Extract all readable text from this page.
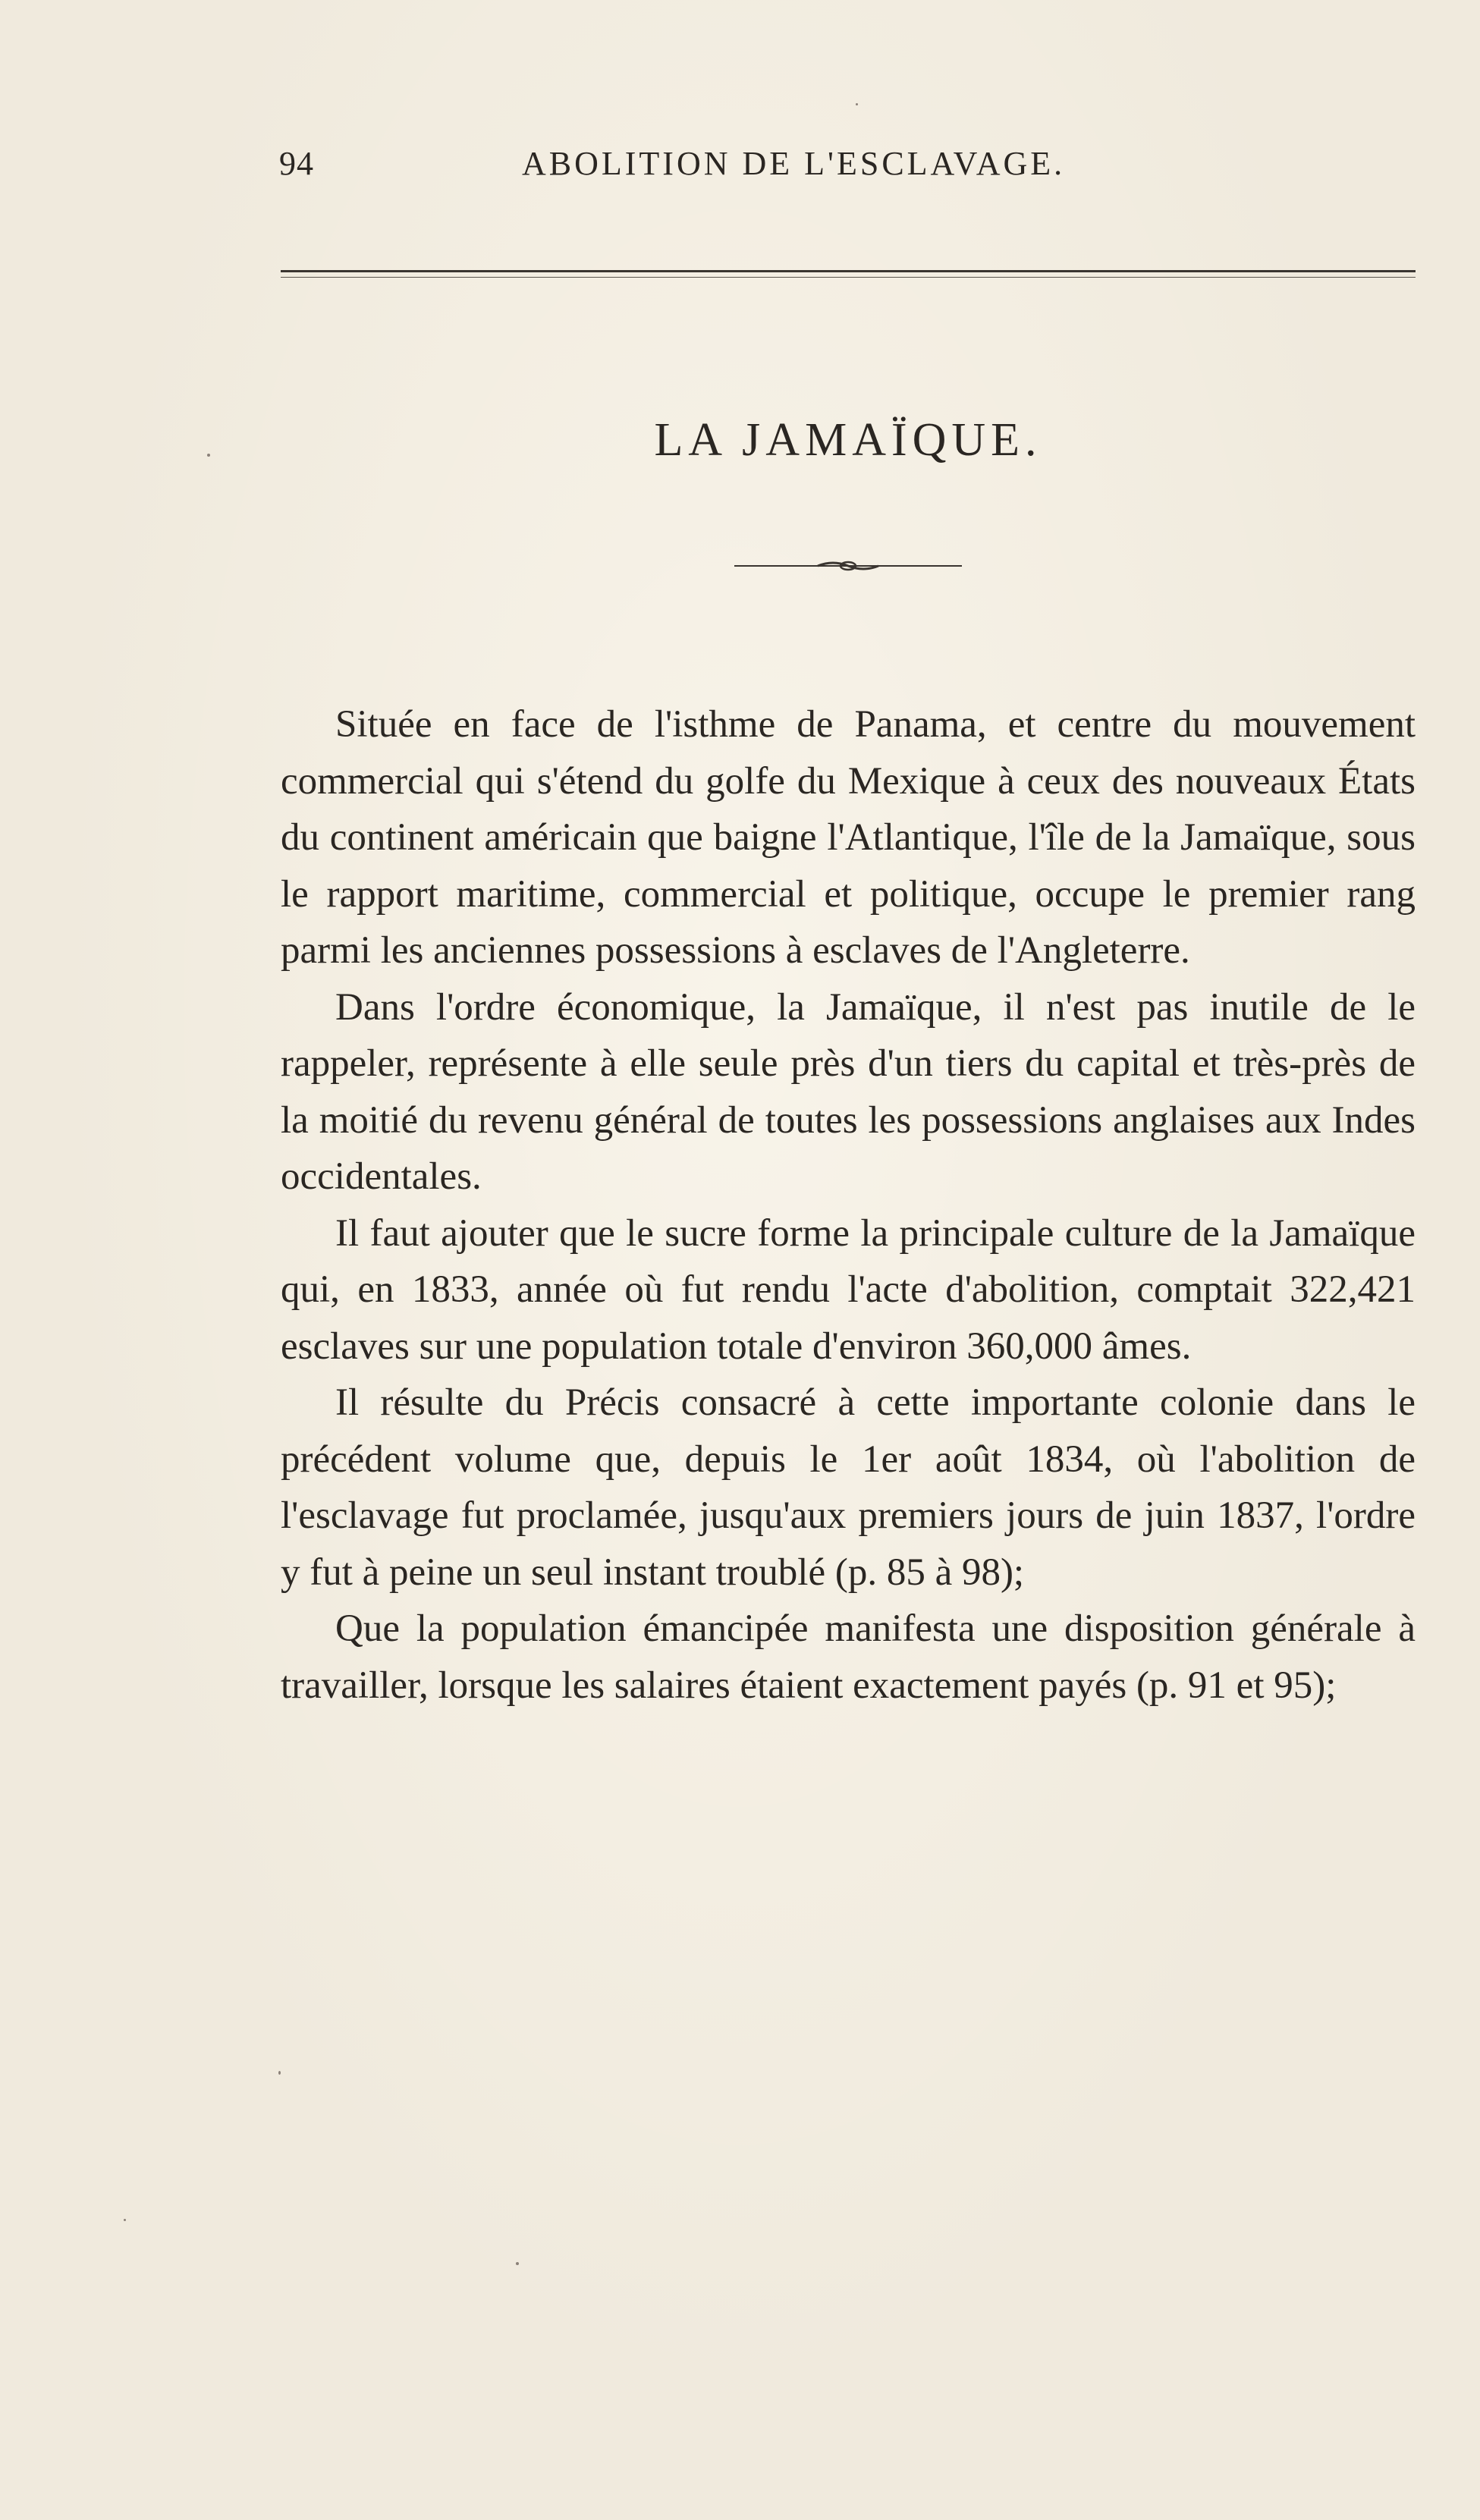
94	ABOLITION DE L'ESCLAVAGE.
LA JAMAÏQUE.

Située en face de l'isthme de Panama, et centre du mouvement commercial qui s'étend du golfe du Mexique à ceux des nouveaux États du continent américain que baigne l'Atlantique, l'île de la Jamaïque, sous le rapport maritime, commercial et politique, occupe le premier rang parmi les anciennes possessions à esclaves de l'Angleterre.

Dans l'ordre économique, la Jamaïque, il n'est pas inutile de le rappeler, représente à elle seule près d'un tiers du capital et très-près de la moitié du revenu général de toutes les possessions anglaises aux Indes occidentales.

Il faut ajouter que le sucre forme la principale culture de la Jamaïque qui, en 1833, année où fut rendu l'acte d'abolition, comptait 322,421 esclaves sur une population totale d'environ 360,000 âmes.

Il résulte du Précis consacré à cette importante colonie dans le précédent volume que, depuis le 1er août 1834, où l'abolition de l'esclavage fut proclamée, jusqu'aux premiers jours de juin 1837, l'ordre y fut à peine un seul instant troublé (p. 85 à 98);

Que la population émancipée manifesta une disposition générale à travailler, lorsque les salaires étaient exactement payés (p. 91 et 95);
